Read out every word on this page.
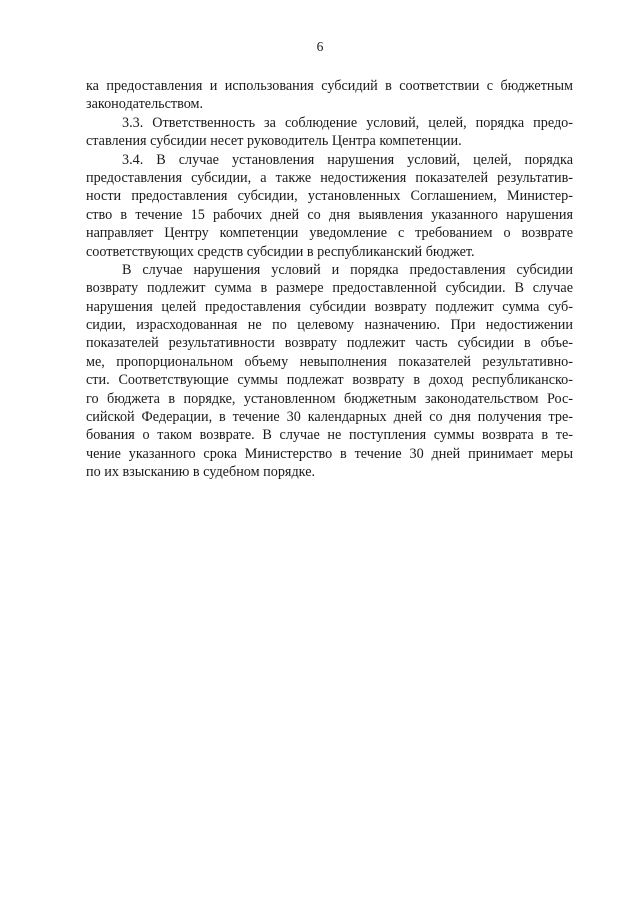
6
ка предоставления и использования субсидий в соответствии с бюджетным
законодательством.
3.3. Ответственность за соблюдение условий, целей, порядка предо-
ставления субсидии несет руководитель Центра компетенции.
3.4. В случае установления нарушения условий, целей, порядка
предоставления субсидии, а также недостижения показателей результатив-
ности предоставления субсидии, установленных Соглашением, Министер-
ство в течение 15 рабочих дней со дня выявления указанного нарушения
направляет Центру компетенции уведомление с требованием о возврате
соответствующих средств субсидии в республиканский бюджет.
В случае нарушения условий и порядка предоставления субсидии
возврату подлежит сумма в размере предоставленной субсидии. В случае
нарушения целей предоставления субсидии возврату подлежит сумма суб-
сидии, израсходованная не по целевому назначению. При недостижении
показателей результативности возврату подлежит часть субсидии в объе-
ме, пропорциональном объему невыполнения показателей результативно-
сти. Соответствующие суммы подлежат возврату в доход республиканско-
го бюджета в порядке, установленном бюджетным законодательством Рос-
сийской Федерации, в течение 30 календарных дней со дня получения тре-
бования о таком возврате. В случае не поступления суммы возврата в те-
чение указанного срока Министерство в течение 30 дней принимает меры
по их взысканию в судебном порядке.
